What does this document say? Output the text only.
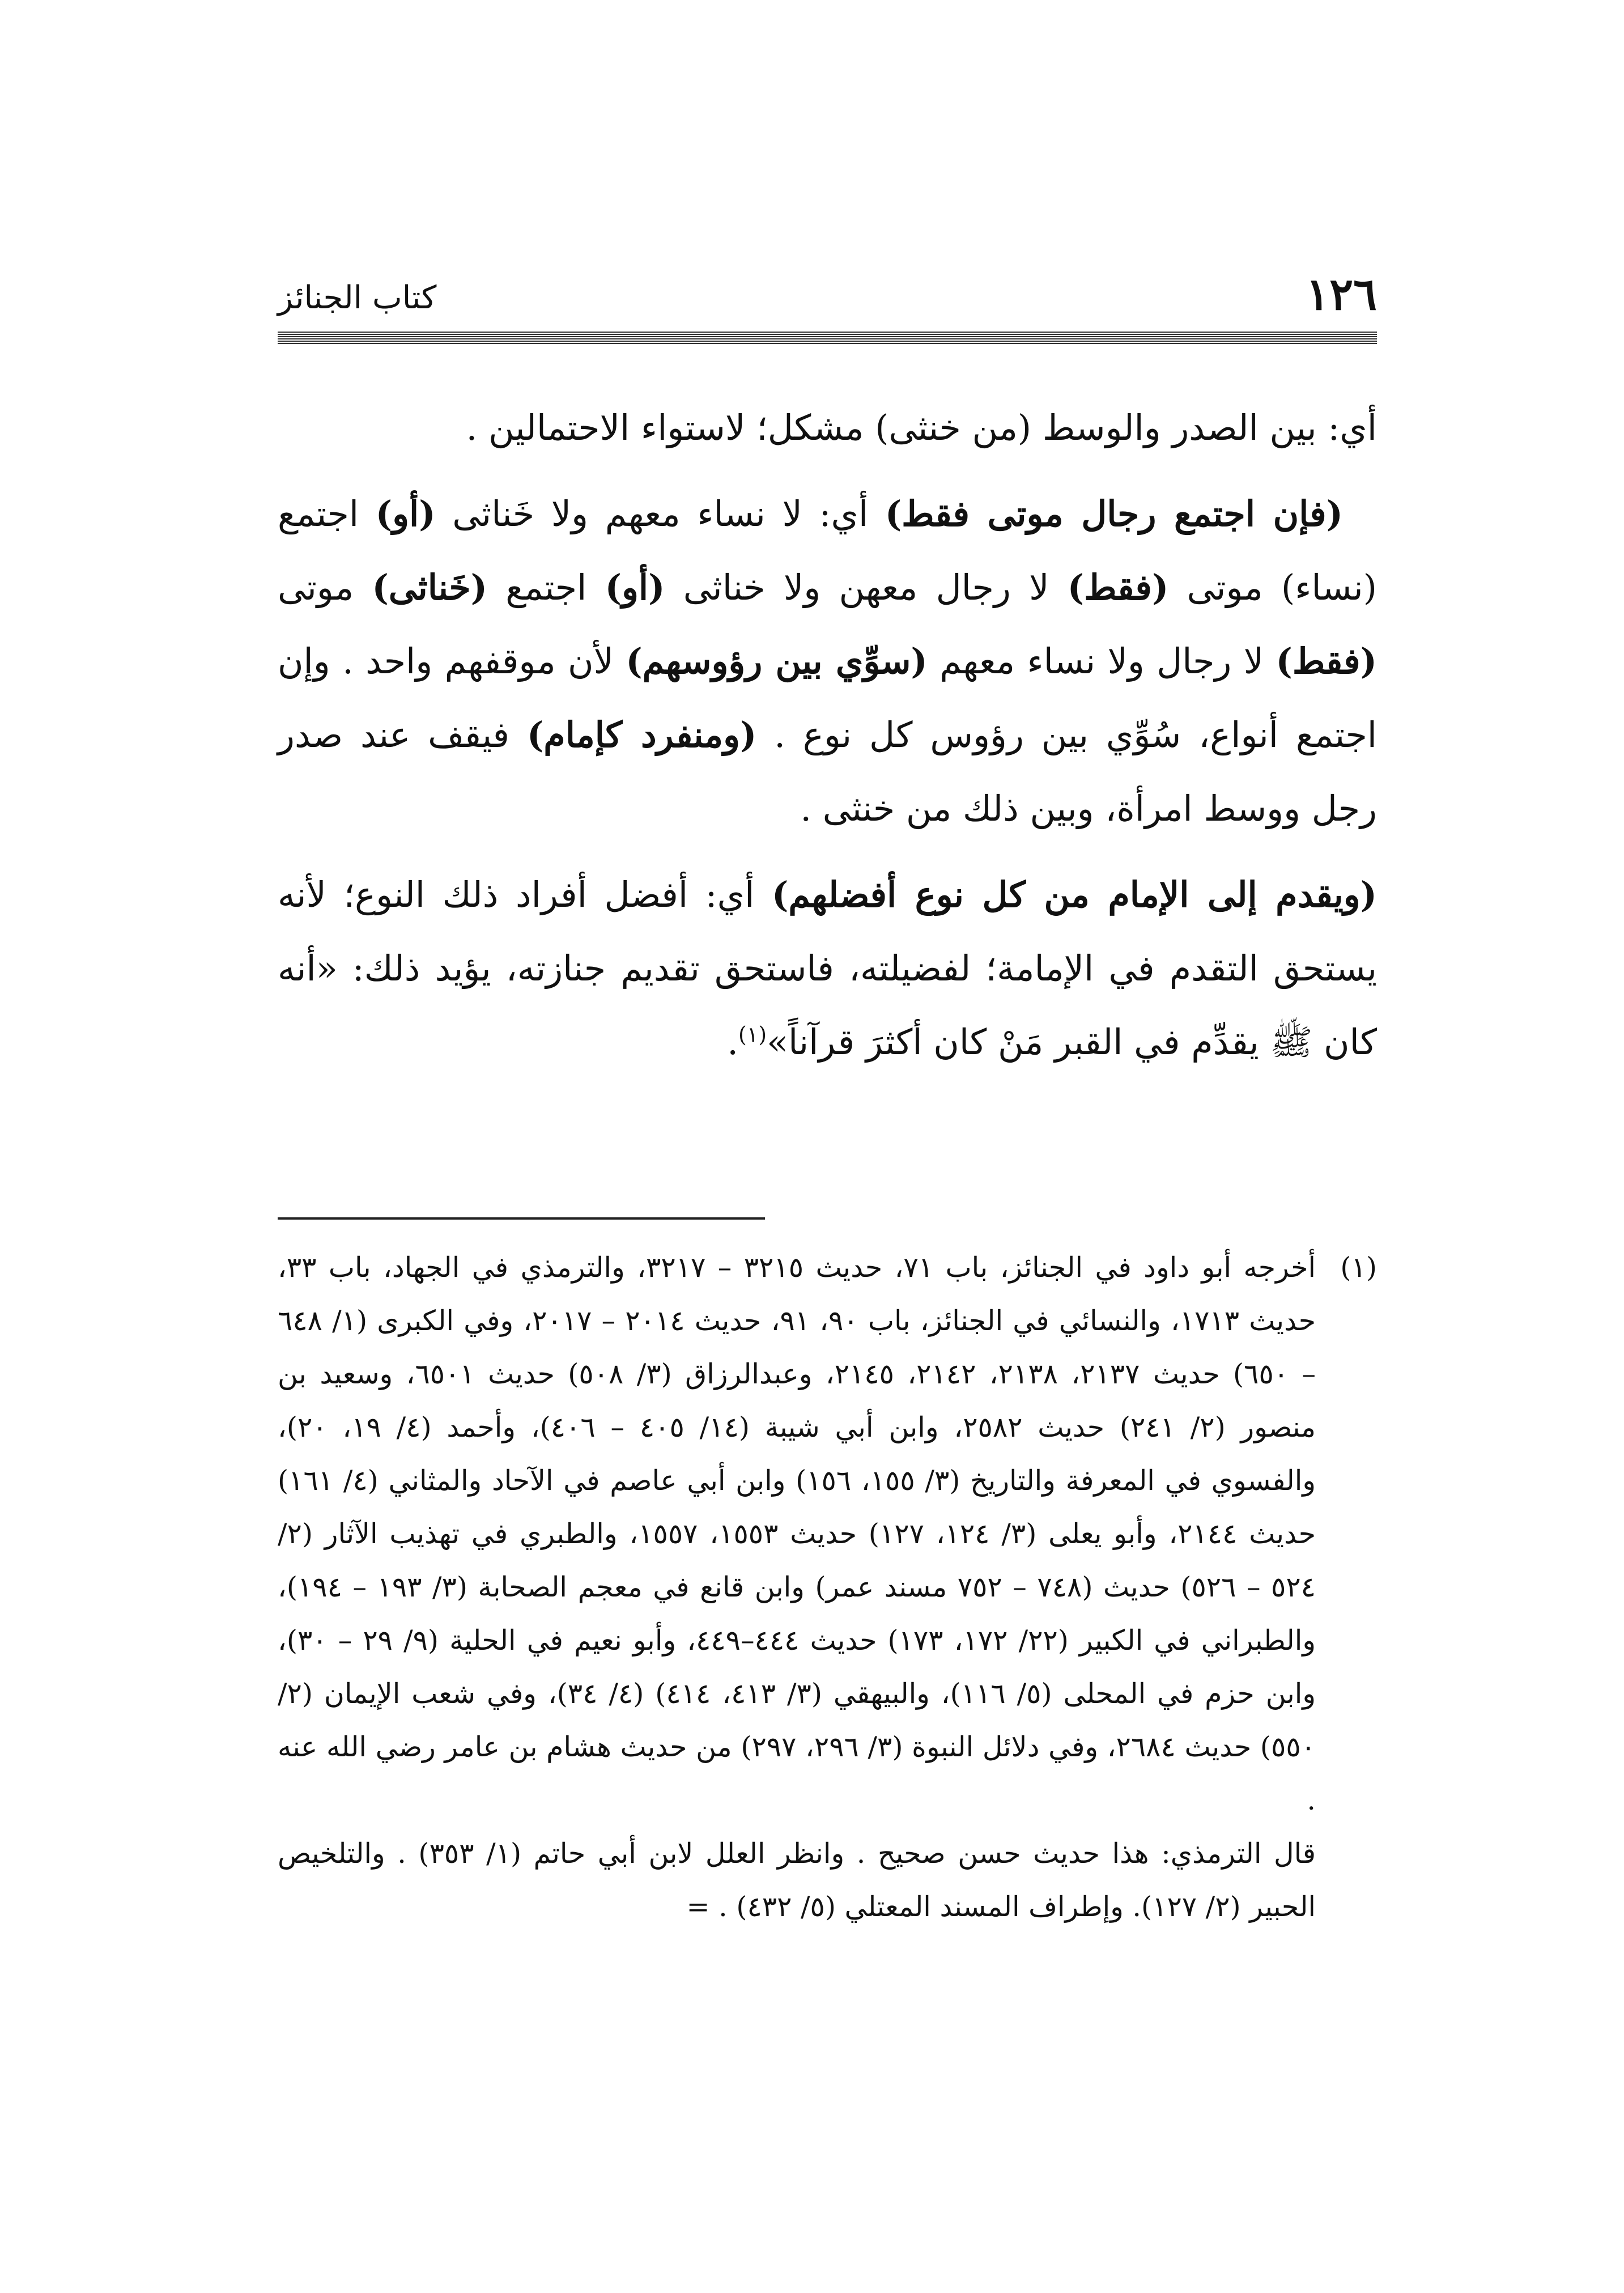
١٢٦
كتاب الجنائز

أي: بين الصدر والوسط (من خنثى) مشكل؛ لاستواء الاحتمالين .

(فإن اجتمع رجال موتى فقط) أي: لا نساء معهم ولا خَناثى (أو) اجتمع (نساء) موتى (فقط) لا رجال معهن ولا خناثى (أو) اجتمع (خَناثى) موتى (فقط) لا رجال ولا نساء معهم (سوِّي بين رؤوسهم) لأن موقفهم واحد . وإن اجتمع أنواع، سُوِّي بين رؤوس كل نوع . (ومنفرد كإمام) فيقف عند صدر رجل ووسط امرأة، وبين ذلك من خنثى .

(ويقدم إلى الإمام من كل نوع أفضلهم) أي: أفضل أفراد ذلك النوع؛ لأنه يستحق التقدم في الإمامة؛ لفضيلته، فاستحق تقديم جنازته، يؤيد ذلك: «أنه كان ﷺ يقدِّم في القبر مَنْ كان أكثرَ قرآناً»$^{(١)}$.

(١)

أخرجه أبو داود في الجنائز، باب ٧١، حديث ٣٢١٥ – ٣٢١٧، والترمذي في الجهاد، باب ٣٣، حديث ١٧١٣، والنسائي في الجنائز، باب ٩٠، ٩١، حديث ٢٠١٤ – ٢٠١٧، وفي الكبرى (١/ ٦٤٨ – ٦٥٠) حديث ٢١٣٧، ٢١٣٨، ٢١٤٢، ٢١٤٥، وعبدالرزاق (٣/ ٥٠٨) حديث ٦٥٠١، وسعيد بن منصور (٢/ ٢٤١) حديث ٢٥٨٢، وابن أبي شيبة (١٤/ ٤٠٥ – ٤٠٦)، وأحمد (٤/ ١٩، ٢٠)، والفسوي في المعرفة والتاريخ (٣/ ١٥٥، ١٥٦) وابن أبي عاصم في الآحاد والمثاني (٤/ ١٦١) حديث ٢١٤٤، وأبو يعلى (٣/ ١٢٤، ١٢٧) حديث ١٥٥٣، ١٥٥٧، والطبري في تهذيب الآثار (٢/ ٥٢٤ – ٥٢٦) حديث (٧٤٨ – ٧٥٢ مسند عمر) وابن قانع في معجم الصحابة (٣/ ١٩٣ – ١٩٤)، والطبراني في الكبير (٢٢/ ١٧٢، ١٧٣) حديث ٤٤٤–٤٤٩، وأبو نعيم في الحلية (٩/ ٢٩ – ٣٠)، وابن حزم في المحلى (٥/ ١١٦)، والبيهقي (٣/ ٤١٣، ٤١٤) (٤/ ٣٤)، وفي شعب الإيمان (٢/ ٥٥٠) حديث ٢٦٨٤، وفي دلائل النبوة (٣/ ٢٩٦، ٢٩٧) من حديث هشام بن عامر رضي الله عنه .

قال الترمذي: هذا حديث حسن صحيح . وانظر العلل لابن أبي حاتم (١/ ٣٥٣) . والتلخيص الحبير (٢/ ١٢٧). وإطراف المسند المعتلي (٥/ ٤٣٢) . =
